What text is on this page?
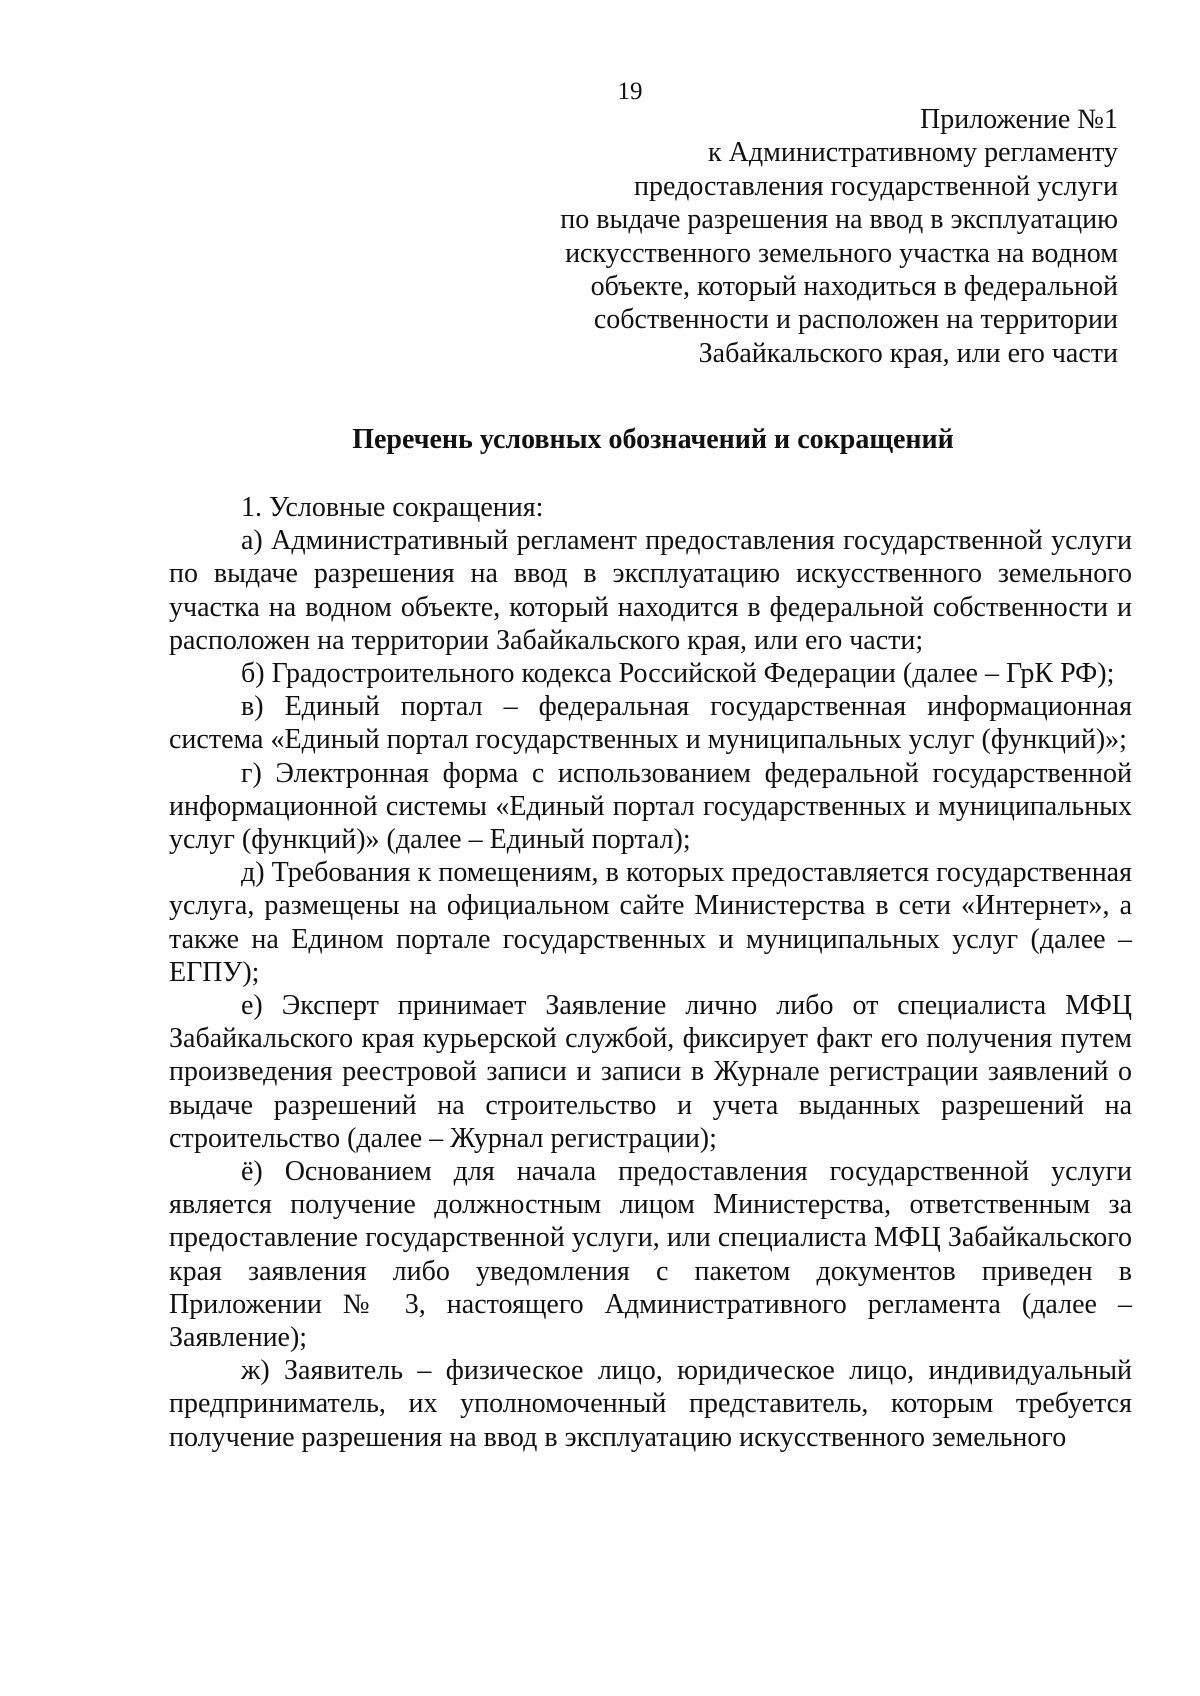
19
Приложение №1
к Административному регламенту
предоставления государственной услуги
по выдаче разрешения на ввод в эксплуатацию
искусственного земельного участка на водном
объекте, который находиться в федеральной
собственности и расположен на территории
Забайкальского края, или его части
Перечень условных обозначений и сокращений

1. Условные сокращения:

а) Административный регламент предоставления государственной услуги по выдаче разрешения на ввод в эксплуатацию искусственного земельного участка на водном объекте, который находится в федеральной собственности и расположен на территории Забайкальского края, или его части;

б) Градостроительного кодекса Российской Федерации (далее – ГрК РФ);

в) Единый портал – федеральная государственная информационная система «Единый портал государственных и муниципальных услуг (функций)»;

г) Электронная форма с использованием федеральной государственной информационной системы «Единый портал государственных и муниципальных услуг (функций)» (далее – Единый портал);

д) Требования к помещениям, в которых предоставляется государственная услуга, размещены на официальном сайте Министерства в сети «Интернет», а также на Едином портале государственных и муниципальных услуг (далее – ЕГПУ);

е) Эксперт принимает Заявление лично либо от специалиста МФЦ Забайкальского края курьерской службой, фиксирует факт его получения путем произведения реестровой записи и записи в Журнале регистрации заявлений о выдаче разрешений на строительство и учета выданных разрешений на строительство (далее – Журнал регистрации);

ё) Основанием для начала предоставления государственной услуги является получение должностным лицом Министерства, ответственным за предоставление государственной услуги, или специалиста МФЦ Забайкальского края заявления либо уведомления с пакетом документов приведен в Приложении № 3, настоящего Административного регламента (далее – Заявление);

ж) Заявитель – физическое лицо, юридическое лицо, индивидуальный предприниматель, их уполномоченный представитель, которым требуется получение разрешения на ввод в эксплуатацию искусственного земельного
